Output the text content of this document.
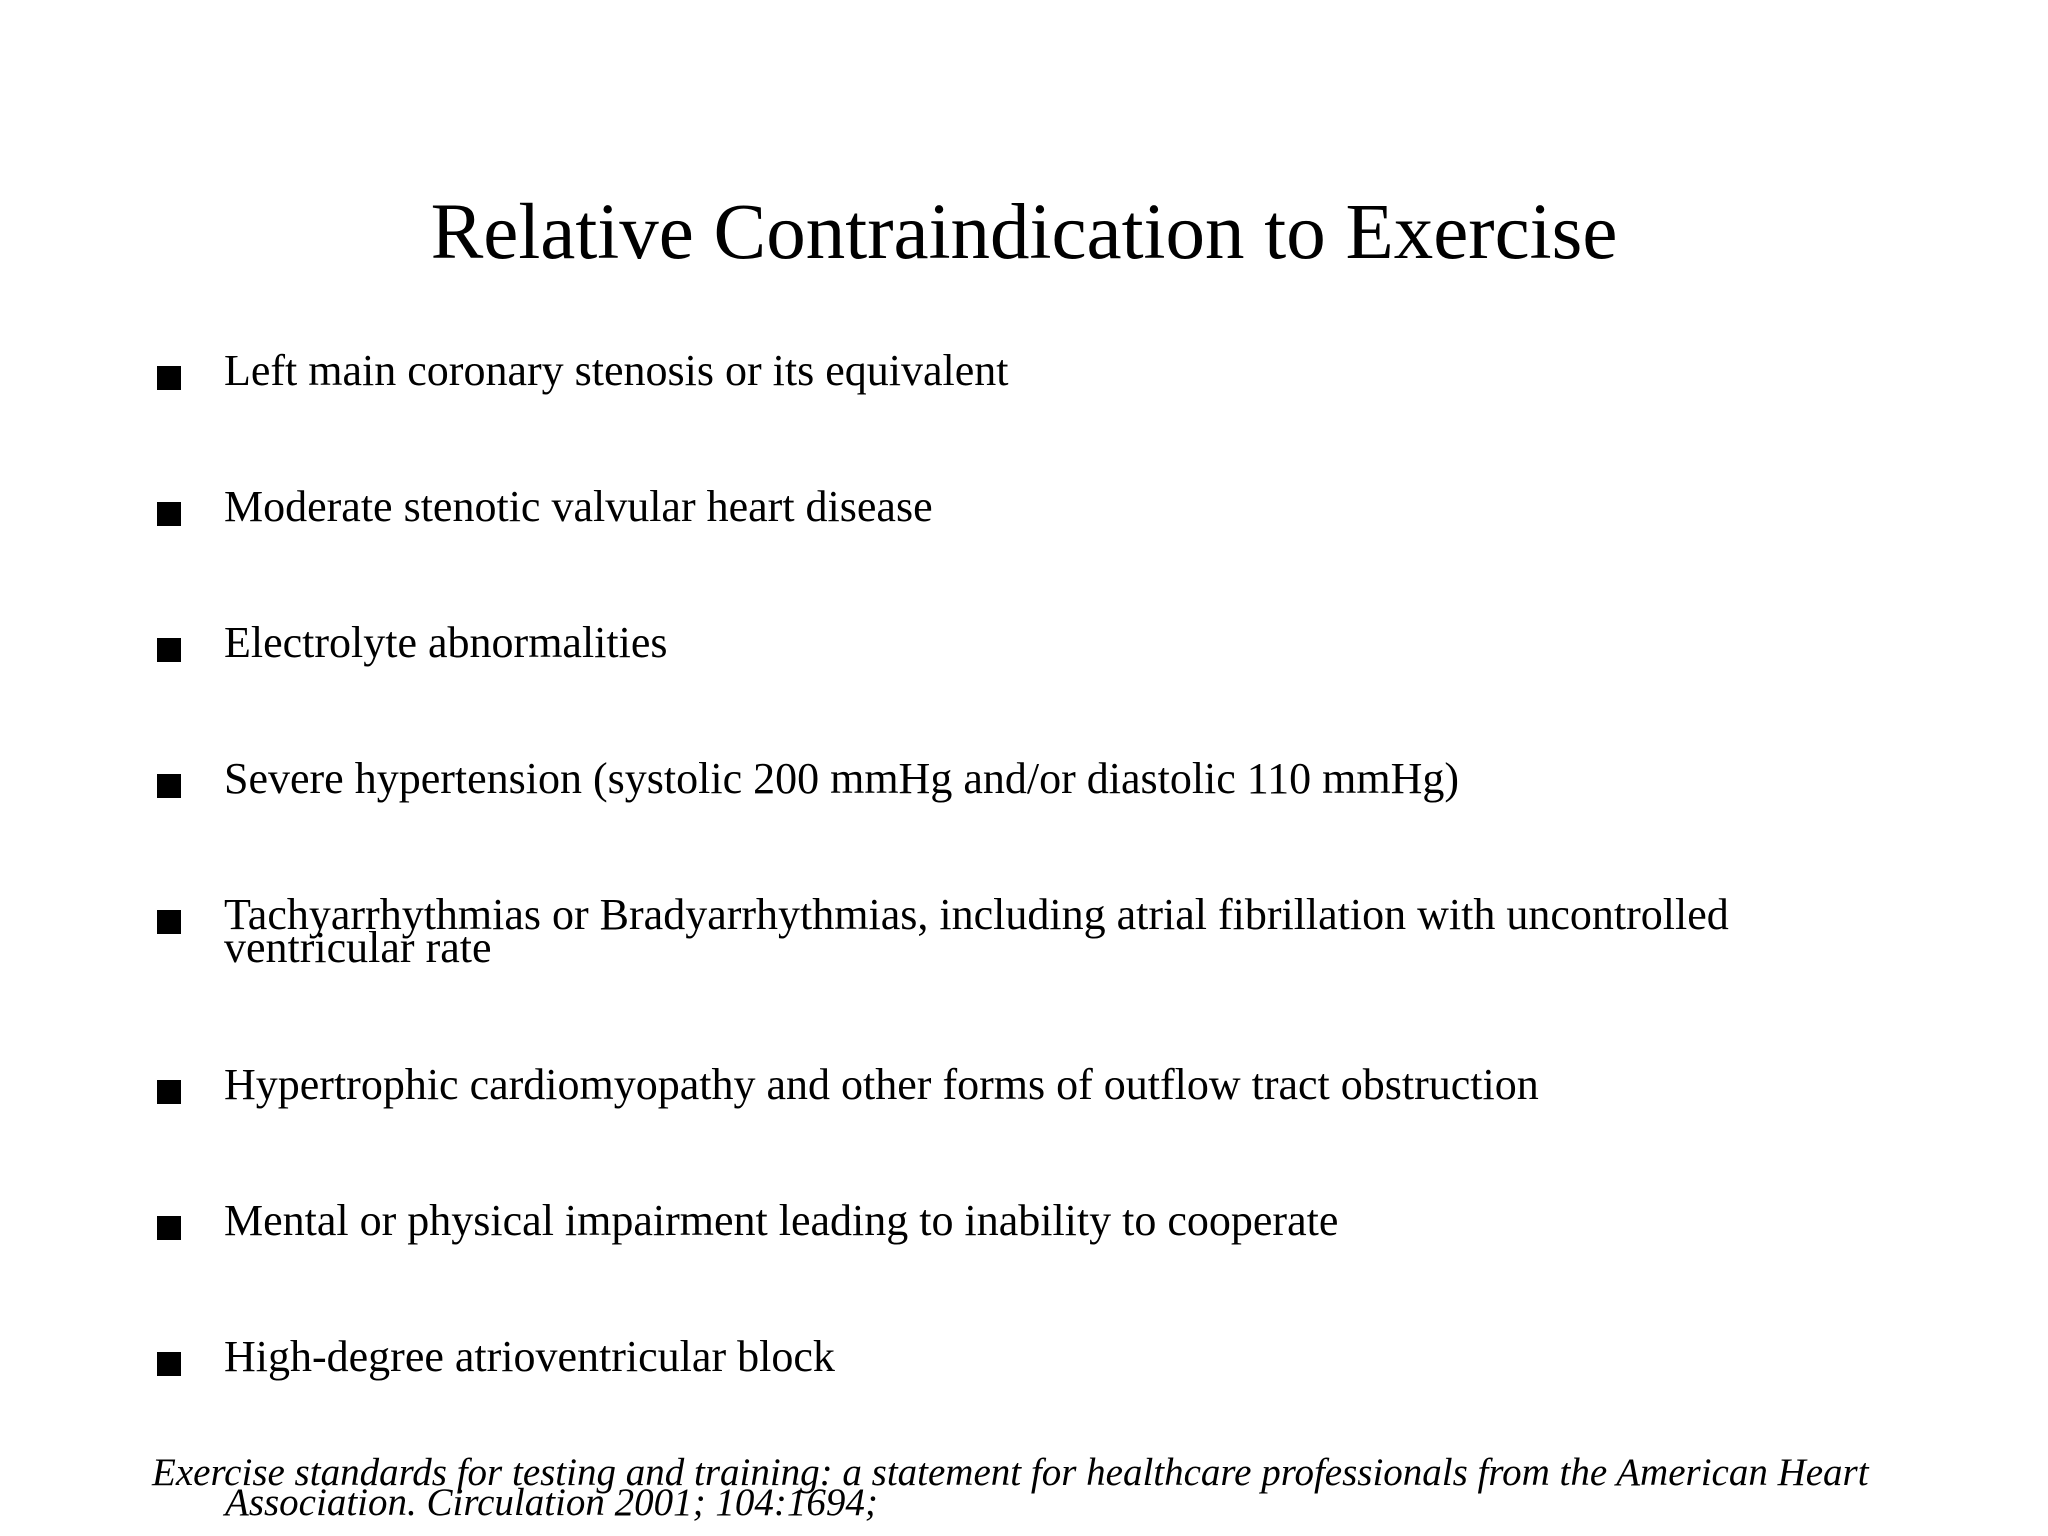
Relative Contraindication to Exercise
Left main coronary stenosis or its equivalent
Moderate stenotic valvular heart disease
Electrolyte abnormalities
Severe hypertension (systolic 200 mmHg and/or diastolic 110 mmHg)
Tachyarrhythmias or Bradyarrhythmias, including atrial fibrillation with uncontrolled ventricular rate
Hypertrophic cardiomyopathy and other forms of outflow tract obstruction
Mental or physical impairment leading to inability to cooperate
High-degree atrioventricular block

Exercise standards for testing and training: a statement for healthcare professionals from the American Heart Association. Circulation 2001; 104:1694;
